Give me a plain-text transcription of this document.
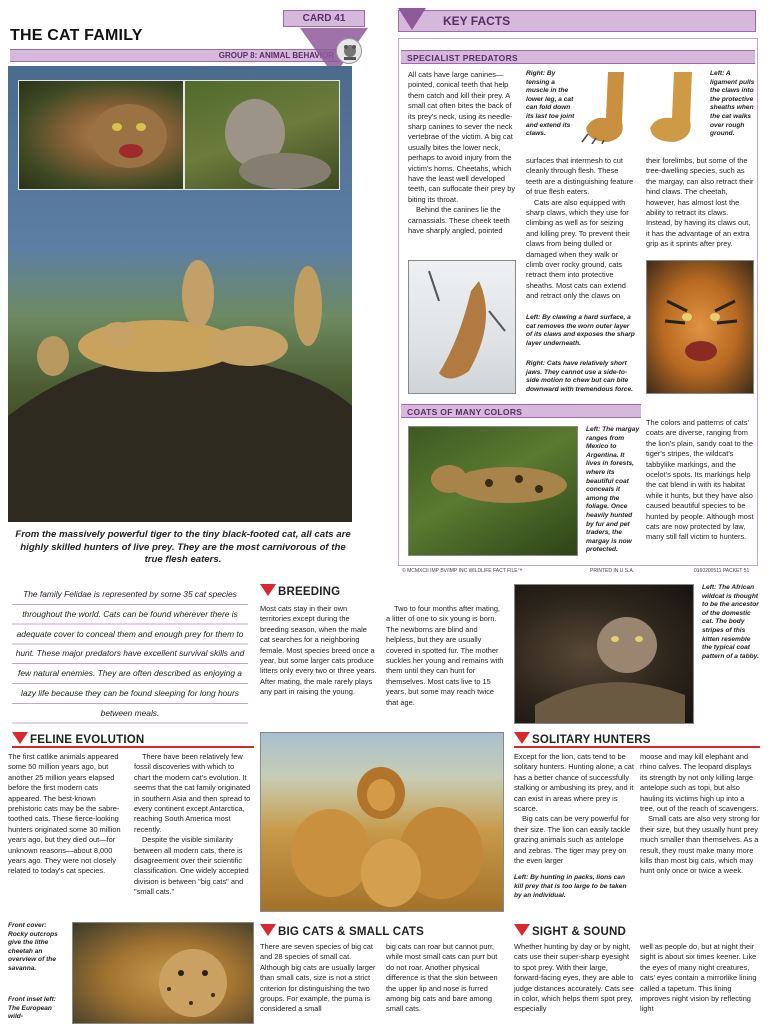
CARD 41
THE CAT FAMILY
GROUP 8: ANIMAL BEHAVIOR
From the massively powerful tiger to the tiny black-footed cat, all cats are highly skilled hunters of live prey. They are the most carnivorous of the true flesh eaters.
KEY FACTS
SPECIALIST PREDATORS

All cats have large canines—pointed, conical teeth that help them catch and kill their prey. A small cat often bites the back of its prey's neck, using its needle-sharp canines to sever the neck vertebrae of the victim. A big cat usually bites the lower neck, perhaps to avoid injury from the victim's horns. Cheetahs, which have the least well developed teeth, can suffocate their prey by biting its throat.

Behind the canines lie the carnassials. These cheek teeth have sharply angled, pointed

Right: By tensing a muscle in the lower leg, a cat can fold down its last toe joint and extend its claws.
Left: A ligament pulls the claws into the protective sheaths when the cat walks over rough ground.

surfaces that intermesh to cut cleanly through flesh. These teeth are a distinguishing feature of true flesh eaters.

Cats are also equipped with sharp claws, which they use for climbing as well as for seizing and killing prey. To prevent their claws from being dulled or damaged when they walk or climb over rocky ground, cats retract them into protective sheaths. Most cats can extend and retract only the claws on

their forelimbs, but some of the tree-dwelling species, such as the margay, can also retract their hind claws. The cheetah, however, has almost lost the ability to retract its claws. Instead, by having its claws out, it has the advantage of an extra grip as it sprints after prey.

Left: By clawing a hard surface, a cat removes the worn outer layer of its claws and exposes the sharp layer underneath.
Right: Cats have relatively short jaws. They cannot use a side-to-side motion to chew but can bite downward with tremendous force.
COATS OF MANY COLORS
Left: The margay ranges from Mexico to Argentina. It lives in forests, where its beautiful coat conceals it among the foliage. Once heavily hunted by fur and pet traders, the margay is now protected.
The colors and patterns of cats' coats are diverse, ranging from the lion's plain, sandy coat to the tiger's stripes, the wildcat's tabbylike markings, and the ocelot's spots. Its markings help the cat blend in with its habitat while it hunts, but they have also caused beautiful species to be hunted by people. Although most cats are now protected by law, many still fall victim to hunters.
© MCMXCII IMP BV/IMP INC WILDLIFE FACT FILE™	PRINTED IN U.S.A.	0160200511 PACKET 51
The family Felidae is represented by some 35 cat species throughout the world. Cats can be found wherever there is adequate cover to conceal them and enough prey for them to hunt. These major predators have excellent survival skills and few natural enemies. They are often described as enjoying a lazy life because they can be found sleeping for long hours between meals.
BREEDING
Most cats stay in their own territories except during the breeding season, when the male cat searches for a neighboring female. Most species breed once a year, but some larger cats produce litters only every two or three years. After mating, the male rarely plays any part in raising the young.
Two to four months after mating, a litter of one to six young is born. The newborns are blind and helpless, but they are usually covered in spotted fur. The mother suckles her young and remains with them until they can hunt for themselves. Most cats live to 15 years, but some may reach twice that age.
Left: The African wildcat is thought to be the ancestor of the domestic cat. The body stripes of this kitten resemble the typical coat pattern of a tabby.
FELINE EVOLUTION
The first catlike animals appeared some 50 million years ago, but another 25 million years elapsed before the first modern cats appeared. The best-known prehistoric cats may be the sabre-toothed cats. These fierce-looking hunters originated some 30 million years ago, but they died out—for unknown reasons—about 8,000 years ago. They were not closely related to today's cat species.

There have been relatively few fossil discoveries with which to chart the modern cat's evolution. It seems that the cat family originated in southern Asia and then spread to every continent except Antarctica, reaching South America most recently.

Despite the visible similarity between all modern cats, there is disagreement over their scientific classification. One widely accepted division is between "big cats" and "small cats."

SOLITARY HUNTERS

Except for the lion, cats tend to be solitary hunters. Hunting alone, a cat has a better chance of successfully stalking or ambushing its prey, and it can exist in areas where prey is scarce.

Big cats can be very powerful for their size. The lion can easily tackle grazing animals such as antelope and zebras. The tiger may prey on the even larger

Left: By hunting in packs, lions can kill prey that is too large to be taken by an individual.

moose and may kill elephant and rhino calves. The leopard displays its strength by not only killing large antelope such as topi, but also hauling its victims high up into a tree, out of the reach of scavengers.

Small cats are also very strong for their size, but they usually hunt prey much smaller than themselves. As a result, they must make many more kills than most big cats, which may hunt only once or twice a week.

Front cover: Rocky outcrops give the lithe cheetah an overview of the savanna.
Front inset left: The European wild-
BIG CATS & SMALL CATS
There are seven species of big cat and 28 species of small cat. Although big cats are usually larger than small cats, size is not a strict criterion for distinguishing the two groups. For example, the puma is considered a small
big cats can roar but cannot purr, while most small cats can purr but do not roar. Another physical difference is that the skin between the upper lip and nose is furred among big cats and bare among small cats.
SIGHT & SOUND
Whether hunting by day or by night, cats use their super-sharp eyesight to spot prey. With their large, forward-facing eyes, they are able to judge distances accurately. Cats see in color, which helps them spot prey, especially
well as people do, but at night their sight is about six times keener. Like the eyes of many night creatures, cats' eyes contain a mirrorlike lining called a tapetum. This lining improves night vision by reflecting light
